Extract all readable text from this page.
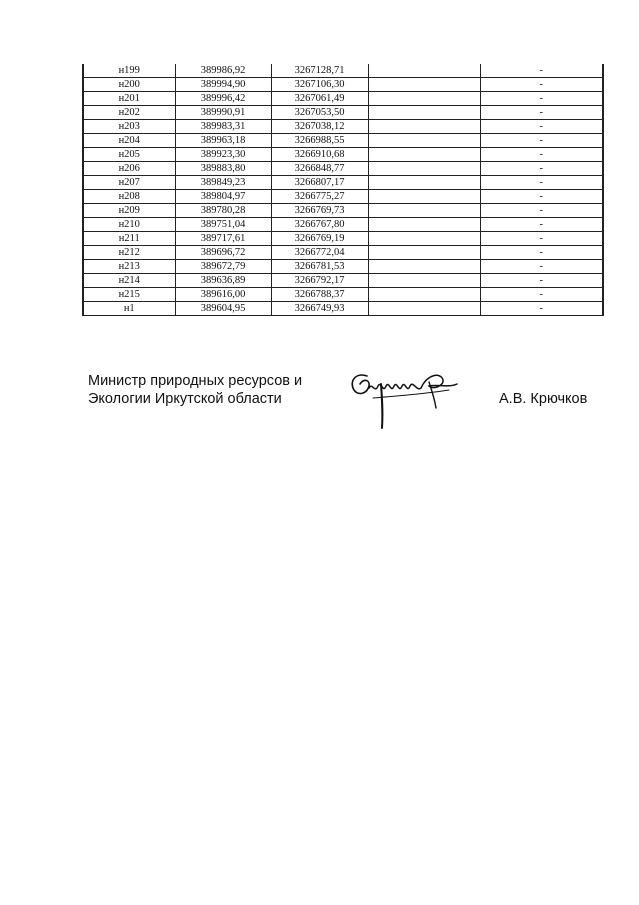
н199	389986,92	3267128,71			-
н200	389994,90	3267106,30			-
н201	389996,42	3267061,49			-
н202	389990,91	3267053,50			-
н203	389983,31	3267038,12			-
н204	389963,18	3266988,55			-
н205	389923,30	3266910,68			-
н206	389883,80	3266848,77			-
н207	389849,23	3266807,17			-
н208	389804,97	3266775,27			-
н209	389780,28	3266769,73			-
н210	389751,04	3266767,80			-
н211	389717,61	3266769,19			-
н212	389696,72	3266772,04			-
н213	389672,79	3266781,53			-
н214	389636,89	3266792,17			-
н215	389616,00	3266788,37			-
н1	389604,95	3266749,93			-
Министр природных ресурсов и
Экологии Иркутской области	А.В. Крючков
